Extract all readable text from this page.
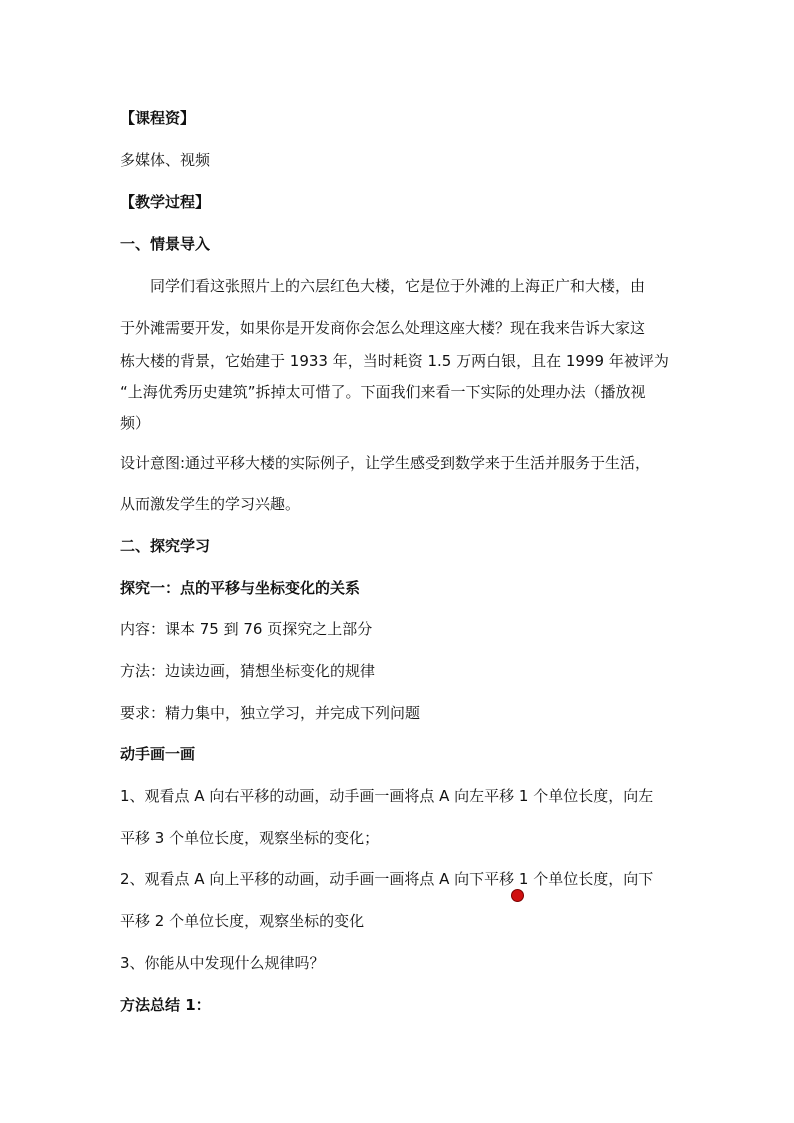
【课程资】
多媒体、视频
【教学过程】
一、情景导入
同学们看这张照片上的六层红色大楼，它是位于外滩的上海正广和大楼，由
于外滩需要开发，如果你是开发商你会怎么处理这座大楼？现在我来告诉大家这
栋大楼的背景，它始建于 1933 年，当时耗资 1.5 万两白银，且在 1999 年被评为
“上海优秀历史建筑”拆掉太可惜了。下面我们来看一下实际的处理办法（播放视
频）
设计意图:通过平移大楼的实际例子，让学生感受到数学来于生活并服务于生活，
从而激发学生的学习兴趣。
二、探究学习
探究一：点的平移与坐标变化的关系
内容：课本 75 到 76 页探究之上部分
方法：边读边画，猜想坐标变化的规律
要求：精力集中，独立学习，并完成下列问题
动手画一画
1、观看点 A 向右平移的动画，动手画一画将点 A 向左平移 1 个单位长度，向左
平移 3 个单位长度，观察坐标的变化；
2、观看点 A 向上平移的动画，动手画一画将点 A 向下平移 1 个单位长度，向下
平移 2 个单位长度，观察坐标的变化
3、你能从中发现什么规律吗？
方法总结 1：
